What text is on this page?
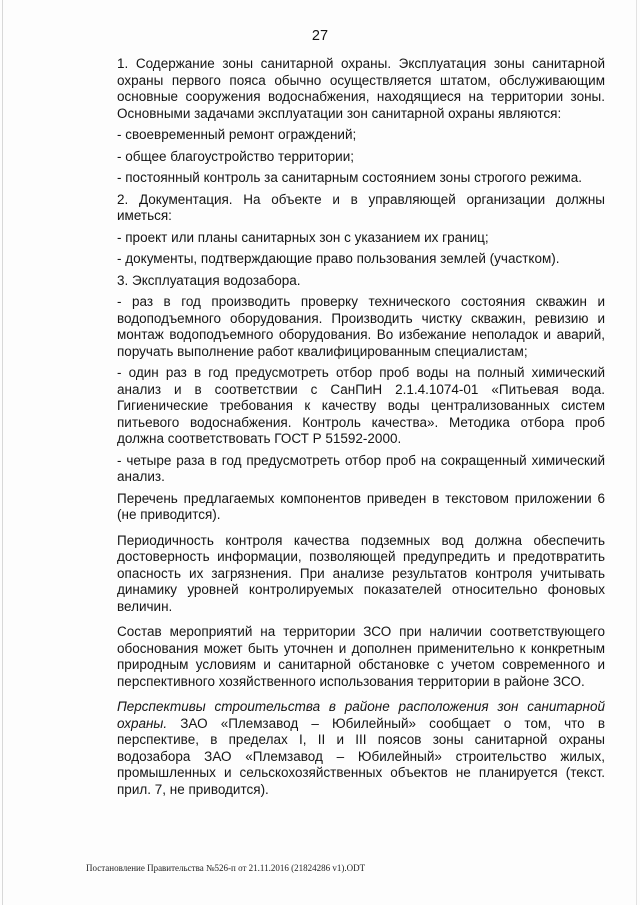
27

1. Содержание зоны санитарной охраны. Эксплуатация зоны санитарной охраны первого пояса обычно осуществляется штатом, обслуживающим основные сооружения водоснабжения, находящиеся на территории зоны. Основными задачами эксплуатации зон санитарной охраны являются:

- своевременный ремонт ограждений;

- общее благоустройство территории;

- постоянный контроль за санитарным состоянием зоны строгого режима.

2. Документация. На объекте и в управляющей организации должны иметься:

- проект или планы санитарных зон с указанием их границ;

- документы, подтверждающие право пользования землей (участком).

3. Эксплуатация водозабора.

- раз в год производить проверку технического состояния скважин и водоподъемного оборудования. Производить чистку скважин, ревизию и монтаж водоподъемного оборудования. Во избежание неполадок и аварий, поручать выполнение работ квалифицированным специалистам;

- один раз в год предусмотреть отбор проб воды на полный химический анализ и в соответствии с СанПиН 2.1.4.1074-01 «Питьевая вода. Гигиенические требования к качеству воды централизованных систем питьевого водоснабжения. Контроль качества». Методика отбора проб должна соответствовать ГОСТ Р 51592-2000.

- четыре раза в год предусмотреть отбор проб на сокращенный химический анализ.

Перечень предлагаемых компонентов приведен в текстовом приложении 6 (не приводится).

Периодичность контроля качества подземных вод должна обеспечить достоверность информации, позволяющей предупредить и предотвратить опасность их загрязнения. При анализе результатов контроля учитывать динамику уровней контролируемых показателей относительно фоновых величин.

Состав мероприятий на территории ЗСО при наличии соответствующего обоснования может быть уточнен и дополнен применительно к конкретным природным условиям и санитарной обстановке с учетом современного и перспективного хозяйственного использования территории в районе ЗСО.

Перспективы строительства в районе расположения зон санитарной охраны. ЗАО «Племзавод – Юбилейный» сообщает о том, что в перспективе, в пределах I, II и III поясов зоны санитарной охраны водозабора ЗАО «Племзавод – Юбилейный» строительство жилых, промышленных и сельскохозяйственных объектов не планируется (текст. прил. 7, не приводится).

Постановление Правительства №526-п от 21.11.2016 (21824286 v1).ODT
